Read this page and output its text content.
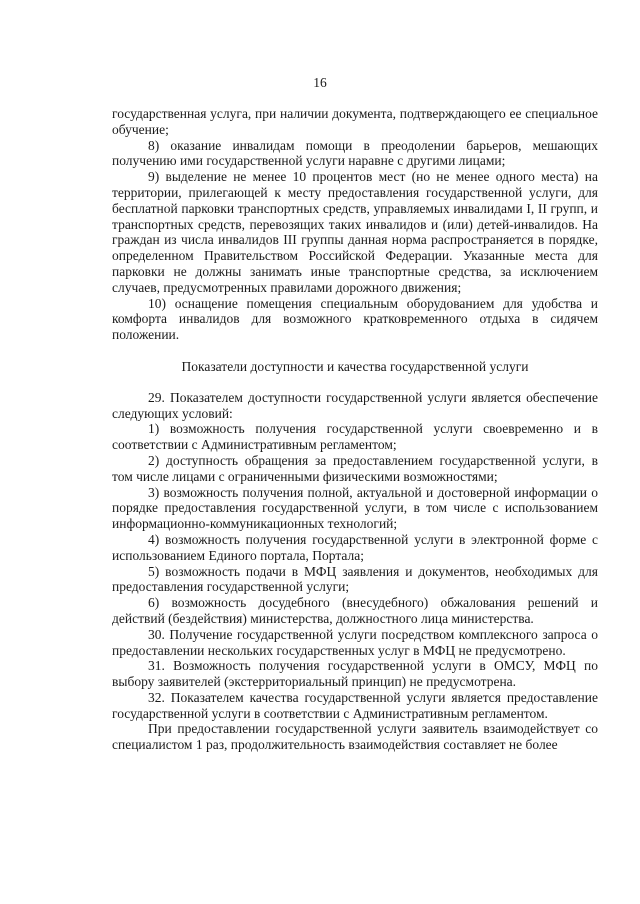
16

государственная услуга, при наличии документа, подтверждающего ее специальное обучение;

8) оказание инвалидам помощи в преодолении барьеров, мешающих получению ими государственной услуги наравне с другими лицами;

9) выделение не менее 10 процентов мест (но не менее одного места) на территории, прилегающей к месту предоставления государственной услуги, для бесплатной парковки транспортных средств, управляемых инвалидами I, II групп, и транспортных средств, перевозящих таких инвалидов и (или) детей-инвалидов. На граждан из числа инвалидов III группы данная норма распространяется в порядке, определенном Правительством Российской Федерации. Указанные места для парковки не должны занимать иные транспортные средства, за исключением случаев, предусмотренных правилами дорожного движения;

10) оснащение помещения специальным оборудованием для удобства и комфорта инвалидов для возможного кратковременного отдыха в сидячем положении.

Показатели доступности и качества государственной услуги

29. Показателем доступности государственной услуги является обеспечение следующих условий:

1) возможность получения государственной услуги своевременно и в соответствии с Административным регламентом;

2) доступность обращения за предоставлением государственной услуги, в том числе лицами с ограниченными физическими возможностями;

3) возможность получения полной, актуальной и достоверной информации о порядке предоставления государственной услуги, в том числе с использованием информационно-коммуникационных технологий;

4) возможность получения государственной услуги в электронной форме с использованием Единого портала, Портала;

5) возможность подачи в МФЦ заявления и документов, необходимых для предоставления государственной услуги;

6) возможность досудебного (внесудебного) обжалования решений и действий (бездействия) министерства, должностного лица министерства.

30. Получение государственной услуги посредством комплексного запроса о предоставлении нескольких государственных услуг в МФЦ не предусмотрено.

31. Возможность получения государственной услуги в ОМСУ, МФЦ по выбору заявителей (экстерриториальный принцип) не предусмотрена.

32. Показателем качества государственной услуги является предоставление государственной услуги в соответствии с Административным регламентом.

При предоставлении государственной услуги заявитель взаимодействует со специалистом 1 раз, продолжительность взаимодействия составляет не более
